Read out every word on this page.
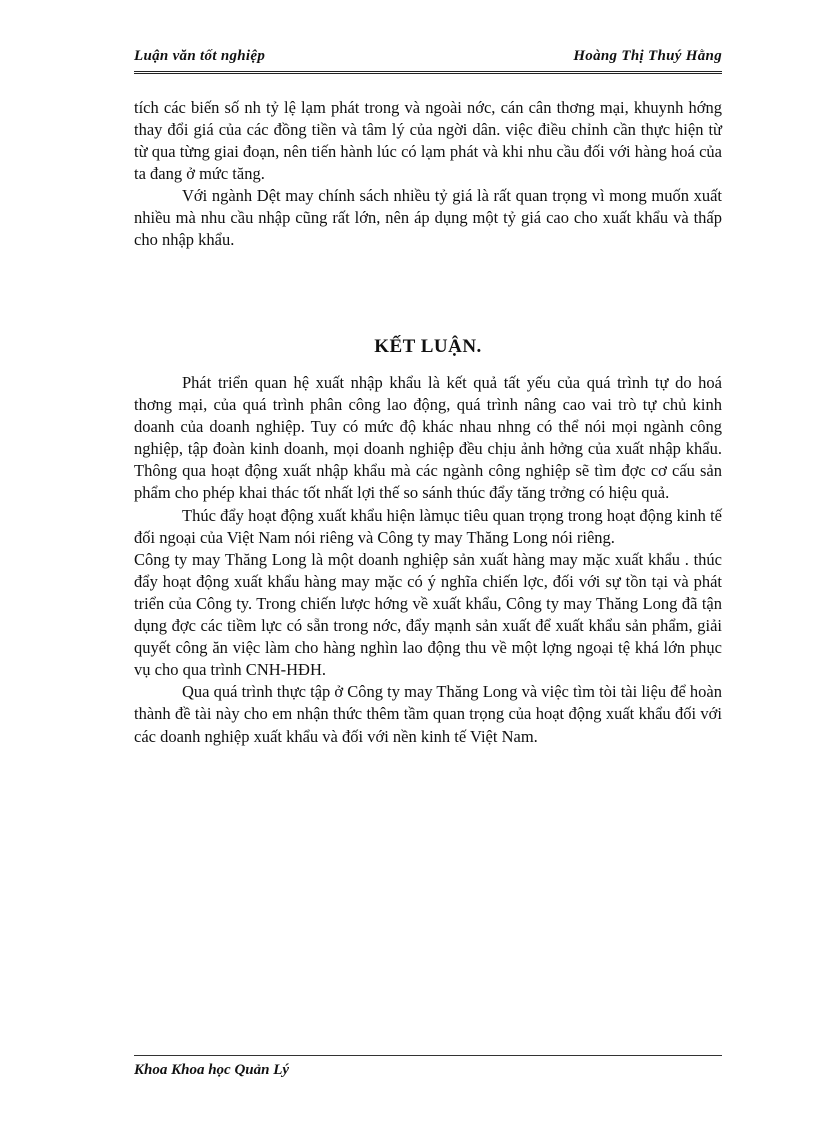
Luận văn tốt nghiệp	Hoàng Thị Thuý Hằng

tích các biến số nh tỷ lệ lạm phát trong và ngoài nớc, cán cân thơng mại, khuynh hớng thay đổi giá của các đồng tiền và tâm lý của ngời dân. việc điều chỉnh cần thực hiện từ từ qua từng giai đoạn, nên tiến hành lúc có lạm phát và khi nhu cầu đối với hàng hoá của ta đang ở mức tăng.

Với ngành Dệt may chính sách nhiều tỷ giá là rất quan trọng vì mong muốn xuất nhiều mà nhu cầu nhập cũng rất lớn, nên áp dụng một tỷ giá cao cho xuất khẩu và thấp cho nhập khẩu.

KẾT LUẬN.

Phát triển quan hệ xuất nhập khẩu là kết quả tất yếu của quá trình tự do hoá thơng mại, của quá trình phân công lao động, quá trình nâng cao vai trò tự chủ kinh doanh của doanh nghiệp. Tuy có mức độ khác nhau nhng có thể nói mọi ngành công nghiệp, tập đoàn kinh doanh, mọi doanh nghiệp đều chịu ảnh hởng của xuất nhập khẩu. Thông qua hoạt động xuất nhập khẩu mà các ngành công nghiệp sẽ tìm đợc cơ cấu sản phẩm cho phép khai thác tốt nhất lợi thế so sánh thúc đẩy tăng trởng có hiệu quả.

Thúc đẩy hoạt động xuất khẩu hiện làmục tiêu quan trọng trong hoạt động kinh tế đối ngoại của Việt Nam nói riêng và Công ty may Thăng Long nói riêng.

Công ty may Thăng Long là một doanh nghiệp sản xuất hàng may mặc xuất khẩu . thúc đẩy hoạt động xuất khẩu hàng may mặc có ý nghĩa chiến lợc, đối với sự tồn tại và phát triển của Công ty. Trong chiến lược hớng về xuất khẩu, Công ty may Thăng Long đã tận dụng đợc các tiềm lực có sẵn trong nớc, đẩy mạnh sản xuất để xuất khẩu sản phẩm, giải quyết công ăn việc làm cho hàng nghìn lao động thu về một lợng ngoại tệ khá lớn phục vụ cho qua trình CNH-HĐH.

Qua quá trình thực tập ở Công ty may Thăng Long và việc tìm tòi tài liệu để hoàn thành đề tài này cho em nhận thức thêm tầm quan trọng của hoạt động xuất khẩu đối với các doanh nghiệp xuất khẩu và đối với nền kinh tế Việt Nam.

Khoa Khoa học Quản Lý
